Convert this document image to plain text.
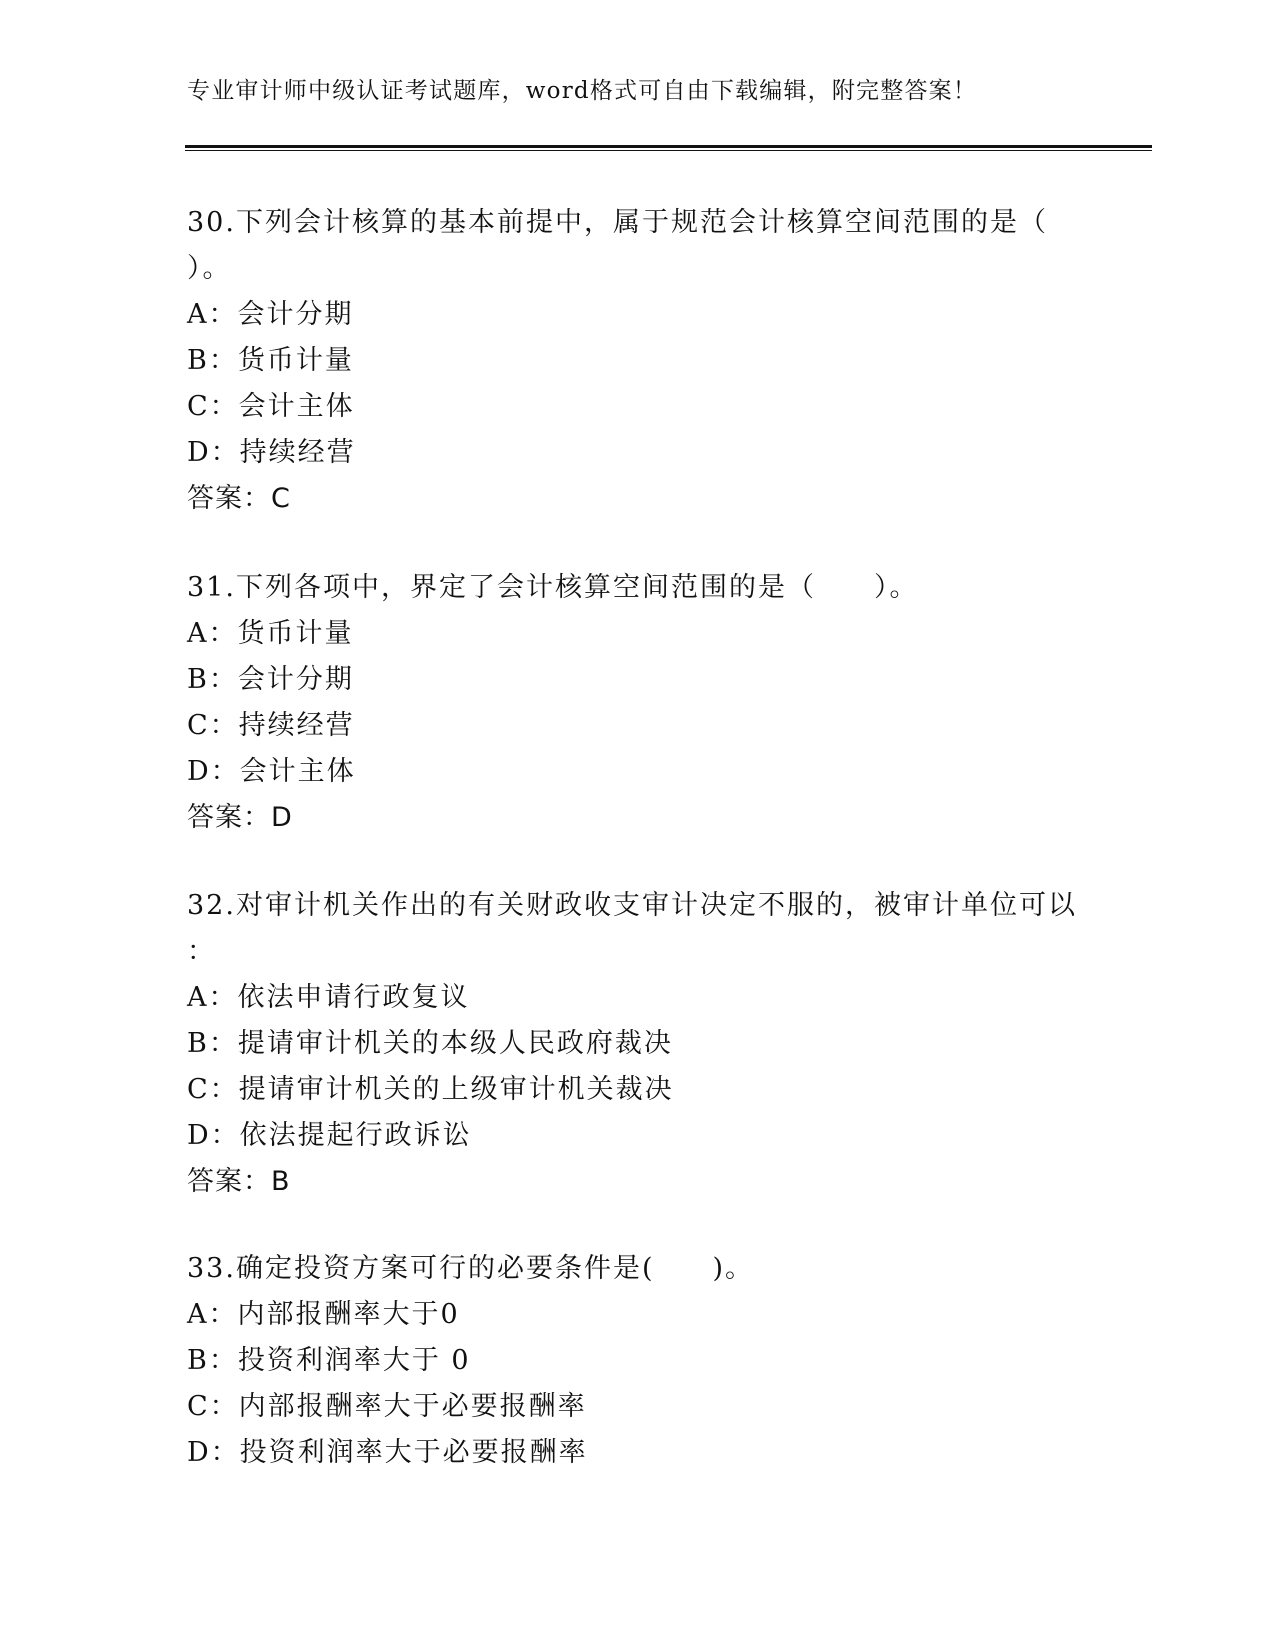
专业审计师中级认证考试题库，word格式可自由下载编辑，附完整答案！
30.下列会计核算的基本前提中，属于规范会计核算空间范围的是（
）。
A：会计分期
B：货币计量
C：会计主体
D：持续经营
答案：C
31.下列各项中，界定了会计核算空间范围的是（　　）。
A：货币计量
B：会计分期
C：持续经营
D：会计主体
答案：D
32.对审计机关作出的有关财政收支审计决定不服的，被审计单位可以
：
A：依法申请行政复议
B：提请审计机关的本级人民政府裁决
C：提请审计机关的上级审计机关裁决
D：依法提起行政诉讼
答案：B
33.确定投资方案可行的必要条件是(　　)。
A：内部报酬率大于0
B：投资利润率大于 0
C：内部报酬率大于必要报酬率
D：投资利润率大于必要报酬率
